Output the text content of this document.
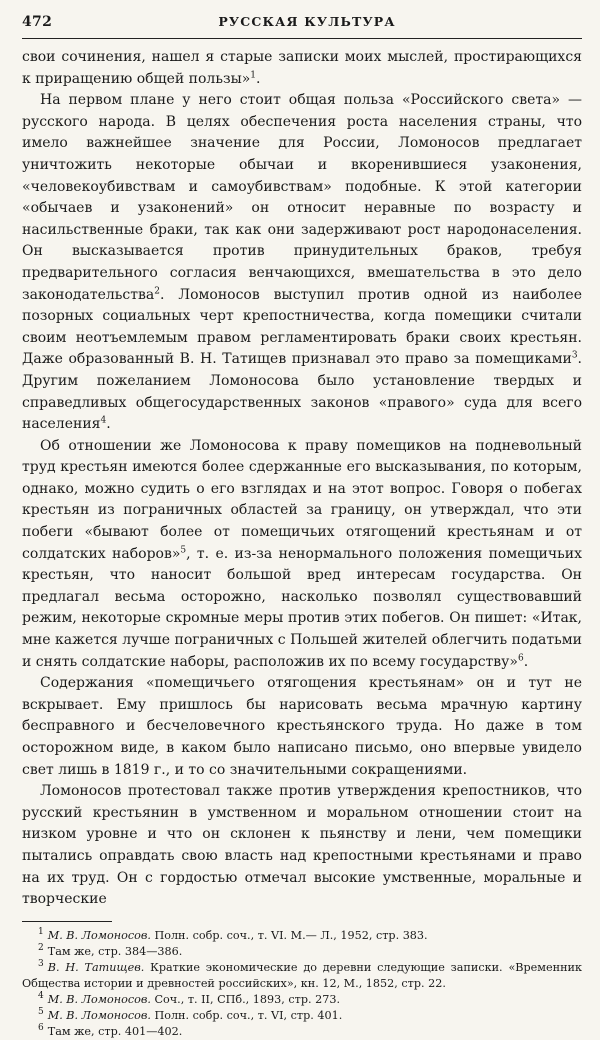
472	РУССКАЯ КУЛЬТУРА

свои сочинения, нашел я старые записки моих мыслей, простирающихся к приращению общей пользы»$^1$.

На первом плане у него стоит общая польза «Российского света» — русского народа. В целях обеспечения роста населения страны, что имело важнейшее значение для России, Ломоносов предлагает уничтожить некоторые обычаи и вкоренившиеся узаконения, «человекоубивствам и самоубивствам» подобные. К этой категории «обычаев и узаконений» он относит неравные по возрасту и насильственные браки, так как они задерживают рост народонаселения. Он высказывается против принудительных браков, требуя предварительного согласия венчающихся, вмешательства в это дело законодательства$^2$. Ломоносов выступил против одной из наиболее позорных социальных черт крепостничества, когда помещики считали своим неотъемлемым правом регламентировать браки своих крестьян. Даже образованный В. Н. Татищев признавал это право за помещиками$^3$. Другим пожеланием Ломоносова было установление твердых и справедливых общегосударственных законов «правого» суда для всего населения$^4$.

Об отношении же Ломоносова к праву помещиков на подневольный труд крестьян имеются более сдержанные его высказывания, по которым, однако, можно судить о его взглядах и на этот вопрос. Говоря о побегах крестьян из пограничных областей за границу, он утверждал, что эти побеги «бывают более от помещичьих отягощений крестьянам и от солдатских наборов»$^5$, т. е. из-за ненормального положения помещичьих крестьян, что наносит большой вред интересам государства. Он предлагал весьма осторожно, насколько позволял существовавший режим, некоторые скромные меры против этих побегов. Он пишет: «Итак, мне кажется лучше пограничных с Польшей жителей облегчить податьми и снять солдатские наборы, расположив их по всему государству»$^6$.

Содержания «помещичьего отягощения крестьянам» он и тут не вскрывает. Ему пришлось бы нарисовать весьма мрачную картину бесправного и бесчеловечного крестьянского труда. Но даже в том осторожном виде, в каком было написано письмо, оно впервые увидело свет лишь в 1819 г., и то со значительными сокращениями.

Ломоносов протестовал также против утверждения крепостников, что русский крестьянин в умственном и моральном отношении стоит на низком уровне и что он склонен к пьянству и лени, чем помещики пытались оправдать свою власть над крепостными крестьянами и право на их труд. Он с гордостью отмечал высокие умственные, моральные и творческие

$^1$ М. В. Ломоносов. Полн. собр. соч., т. VI. М.— Л., 1952, стр. 383.

$^2$ Там же, стр. 384—386.

$^3$ В. Н. Татищев. Краткие экономические до деревни следующие записки. «Временник Общества истории и древностей российских», кн. 12, М., 1852, стр. 22.

$^4$ М. В. Ломоносов. Соч., т. II, СПб., 1893, стр. 273.

$^5$ М. В. Ломоносов. Полн. собр. соч., т. VI, стр. 401.

$^6$ Там же, стр. 401—402.
